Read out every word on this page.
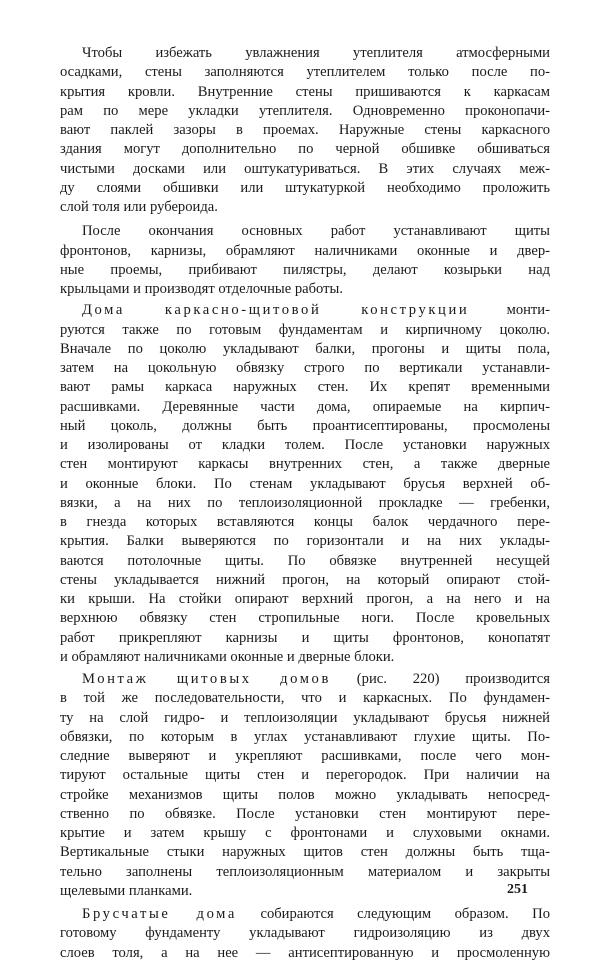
Чтобы избежать увлажнения утеплителя атмосферными
осадками, стены заполняются утеплителем только после по-
крытия кровли. Внутренние стены пришиваются к каркасам
рам по мере укладки утеплителя. Одновременно проконопачи-
вают паклей зазоры в проемах. Наружные стены каркасного
здания могут дополнительно по черной обшивке обшиваться
чистыми досками или оштукатуриваться. В этих случаях меж-
ду слоями обшивки или штукатуркой необходимо проложить
слой толя или рубероида.

После окончания основных работ устанавливают щиты
фронтонов, карнизы, обрамляют наличниками оконные и двер-
ные проемы, прибивают пилястры, делают козырьки над
крыльцами и производят отделочные работы.

Дома каркасно-щитовой конструкции монти-
руются также по готовым фундаментам и кирпичному цоколю.
Вначале по цоколю укладывают балки, прогоны и щиты пола,
затем на цокольную обвязку строго по вертикали устанавли-
вают рамы каркаса наружных стен. Их крепят временными
расшивками. Деревянные части дома, опираемые на кирпич-
ный цоколь, должны быть проантисептированы, просмолены
и изолированы от кладки толем. После установки наружных
стен монтируют каркасы внутренних стен, а также дверные
и оконные блоки. По стенам укладывают брусья верхней об-
вязки, а на них по теплоизоляционной прокладке — гребенки,
в гнезда которых вставляются концы балок чердачного пере-
крытия. Балки выверяются по горизонтали и на них уклады-
ваются потолочные щиты. По обвязке внутренней несущей
стены укладывается нижний прогон, на который опирают стой-
ки крыши. На стойки опирают верхний прогон, а на него и на
верхнюю обвязку стен стропильные ноги. После кровельных
работ прикрепляют карнизы и щиты фронтонов, конопатят
и обрамляют наличниками оконные и дверные блоки.

Монтаж щитовых домов (рис. 220) производится
в той же последовательности, что и каркасных. По фундамен-
ту на слой гидро- и теплоизоляции укладывают брусья нижней
обвязки, по которым в углах устанавливают глухие щиты. По-
следние выверяют и укрепляют расшивками, после чего мон-
тируют остальные щиты стен и перегородок. При наличии на
стройке механизмов щиты полов можно укладывать непосред-
ственно по обвязке. После установки стен монтируют пере-
крытие и затем крышу с фронтонами и слуховыми окнами.
Вертикальные стыки наружных щитов стен должны быть тща-
тельно заполнены теплоизоляционным материалом и закрыты
щелевыми планками.

Брусчатые дома собираются следующим образом. По
готовому фундаменту укладывают гидроизоляцию из двух
слоев толя, а на нее — антисептированную и просмоленную

251
